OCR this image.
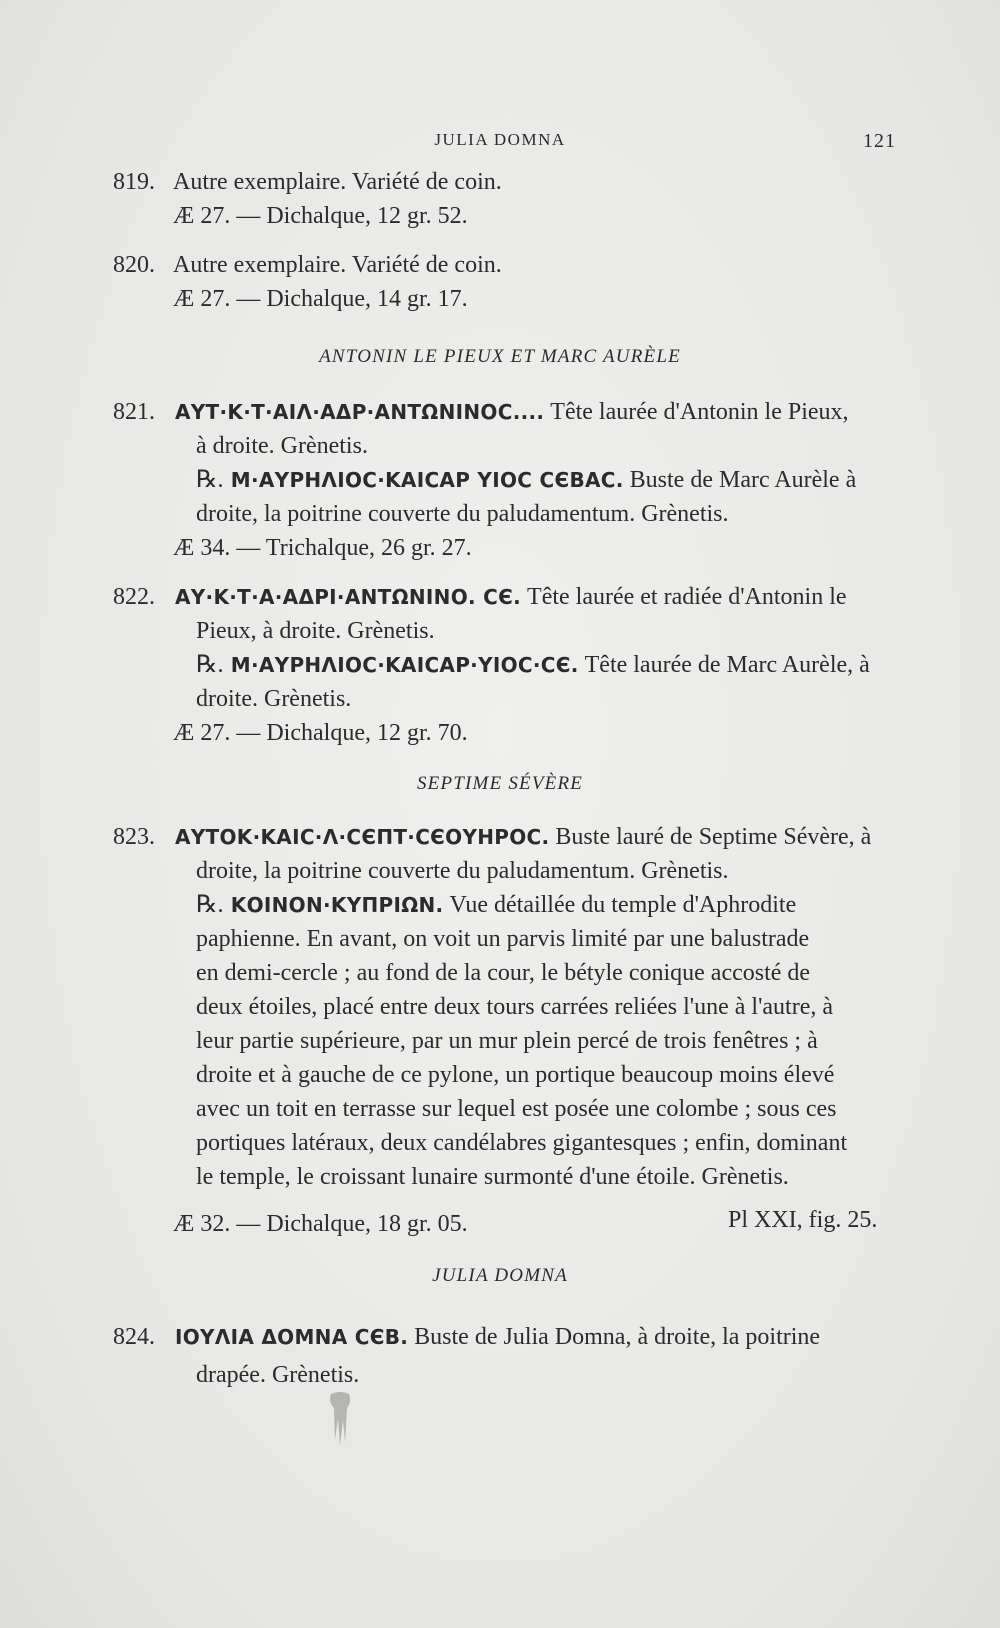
JULIA DOMNA	121
819. Autre exemplaire. Variété de coin.
Æ 27. — Dichalque, 12 gr. 52.
820. Autre exemplaire. Variété de coin.
Æ 27. — Dichalque, 14 gr. 17.
ANTONIN LE PIEUX ET MARC AURÈLE
821. ΑΥΤ·Κ·Τ·ΑΙΛ·ΑΔΡ·ΑΝΤΩΝΙΝΟϹ.... Tête laurée d'Antonin le Pieux,
à droite. Grènetis.
℞. Μ·ΑΥΡΗΛΙΟϹ·ΚΑΙϹΑΡ ΥΙΟϹ ϹЄΒΑϹ. Buste de Marc Aurèle à
droite, la poitrine couverte du paludamentum. Grènetis.
Æ 34. — Trichalque, 26 gr. 27.
822. ΑΥ·Κ·Τ·Α·ΑΔΡΙ·ΑΝΤΩΝΙΝΟ. ϹЄ. Tête laurée et radiée d'Antonin le
Pieux, à droite. Grènetis.
℞. Μ·ΑΥΡΗΛΙΟϹ·ΚΑΙϹΑΡ·ΥΙΟϹ·ϹЄ. Tête laurée de Marc Aurèle, à
droite. Grènetis.
Æ 27. — Dichalque, 12 gr. 70.
SEPTIME SÉVÈRE
823. ΑΥΤΟΚ·ΚΑΙϹ·Λ·ϹЄΠΤ·ϹЄΟΥΗΡΟϹ. Buste lauré de Septime Sévère, à
droite, la poitrine couverte du paludamentum. Grènetis.
℞. ΚΟΙΝΟΝ·ΚΥΠΡΙΩΝ. Vue détaillée du temple d'Aphrodite
paphienne. En avant, on voit un parvis limité par une balustrade
en demi-cercle ; au fond de la cour, le bétyle conique accosté de
deux étoiles, placé entre deux tours carrées reliées l'une à l'autre, à
leur partie supérieure, par un mur plein percé de trois fenêtres ; à
droite et à gauche de ce pylone, un portique beaucoup moins élevé
avec un toit en terrasse sur lequel est posée une colombe ; sous ces
portiques latéraux, deux candélabres gigantesques ; enfin, dominant
le temple, le croissant lunaire surmonté d'une étoile. Grènetis.
Æ 32. — Dichalque, 18 gr. 05.	Pl XXI, fig. 25.
JULIA DOMNA
824. ΙΟΥΛΙΑ ΔΟΜΝΑ ϹЄΒ. Buste de Julia Domna, à droite, la poitrine
drapée. Grènetis.
